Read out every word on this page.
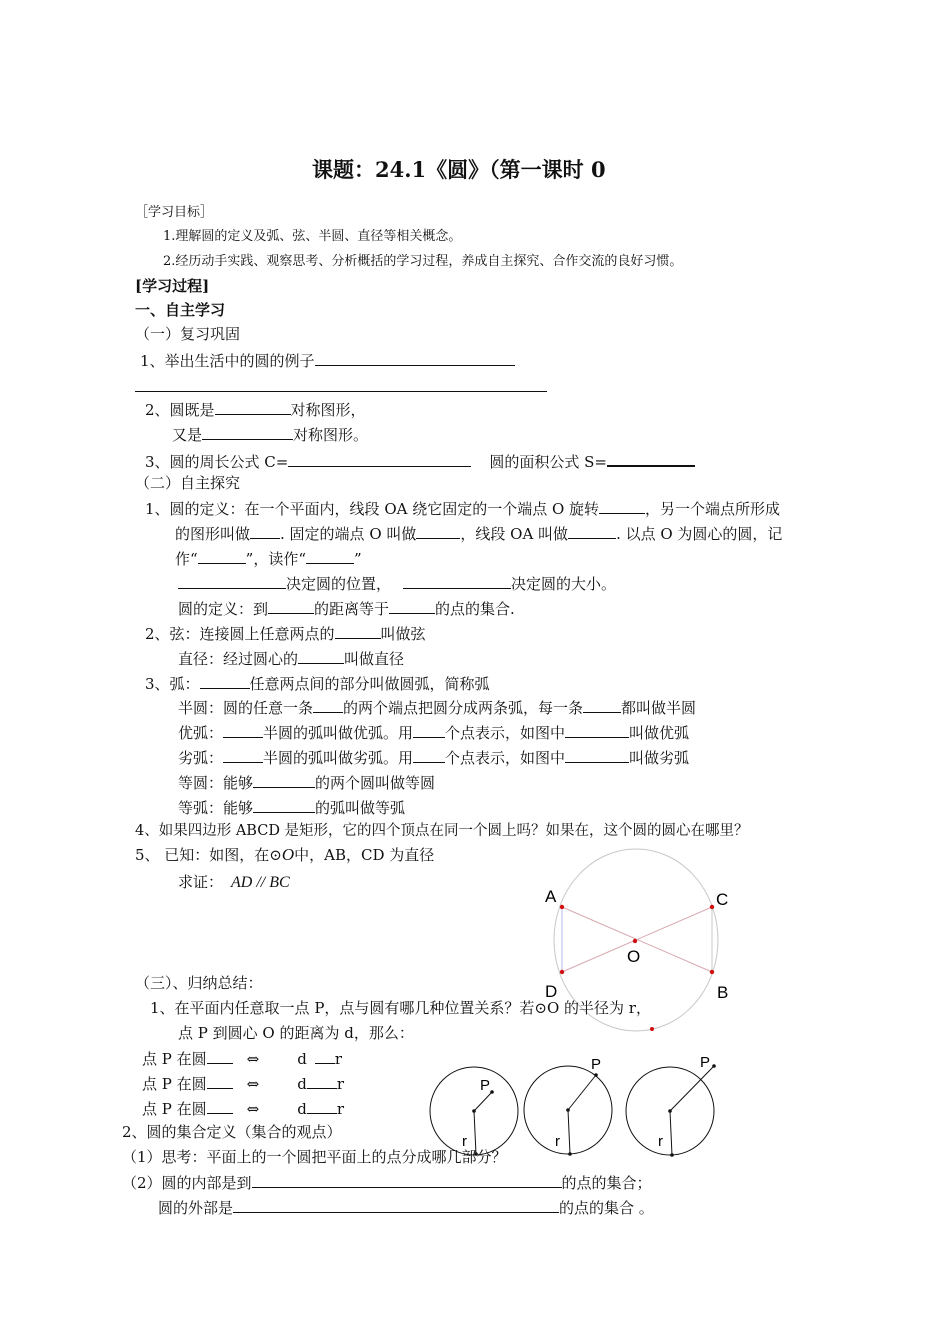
课题：24.1《圆》（第一课时 0
［学习目标］
1.理解圆的定义及弧、弦、半圆、直径等相关概念。
2.经历动手实践、观察思考、分析概括的学习过程，养成自主探究、合作交流的良好习惯。
[学习过程]
一、自主学习
（一）复习巩固
1、举出生活中的圆的例子
2、圆既是	对称图形，
又是	对称图形。
3、圆的周长公式 C=	圆的面积公式 S=
（二）自主探究
1、圆的定义：在一个平面内，线段 OA 绕它固定的一个端点 O 旋转	，另一个端点所形成
的图形叫做 . 固定的端点 O 叫做	，线段 OA 叫做	. 以点 O 为圆心的圆，记
作“	”，读作“	”
决定圆的位置，	决定圆的大小。
圆的定义：到	的距离等于	的点的集合.
2、弦：连接圆上任意两点的	叫做弦
直径：经过圆心的	叫做直径
3、弧：	任意两点间的部分叫做圆弧，简称弧
半圆：圆的任意一条 的两个端点把圆分成两条弧，每一条	都叫做半圆
优弧：	半圆的弧叫做优弧。用 个点表示，如图中	叫做优弧
劣弧：	半圆的弧叫做劣弧。用 个点表示，如图中	叫做劣弧
等圆：能够	的两个圆叫做等圆
等弧：能够	的弧叫做等弧
4、如果四边形 ABCD 是矩形，它的四个顶点在同一个圆上吗？如果在，这个圆的圆心在哪里？
5、 已知：如图，在⊙O中，AB，CD 为直径
求证： AD // BC
A	C
D	B
O
P
r
P
r
P
r
（三）、归纳总结：
1、在平面内任意取一点 P，点与圆有哪几种位置关系？若⊙O 的半径为 r，
点 P 到圆心 O 的距离为 d，那么：
点 P 在圆	⇔	d r
点 P 在圆	⇔	d r
点 P 在圆	⇔	d r
2、圆的集合定义（集合的观点）
（1）思考：平面上的一个圆把平面上的点分成哪几部分？
（2）圆的内部是到	的点的集合；
圆的外部是	的点的集合 。
